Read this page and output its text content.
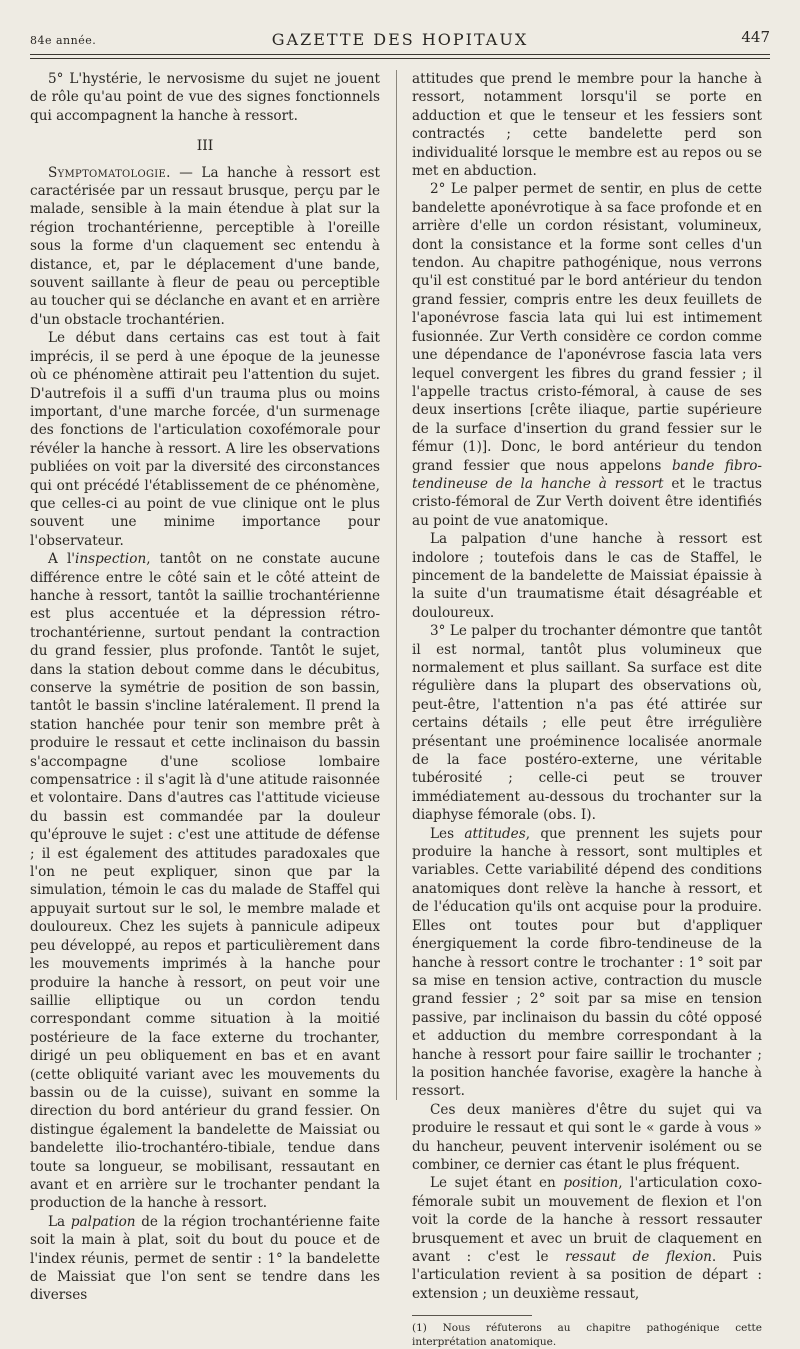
84e année.	GAZETTE DES HOPITAUX	447

5° L'hystérie, le nervosisme du sujet ne jouent de rôle qu'au point de vue des signes fonctionnels qui accompagnent la hanche à ressort.

III

Symptomatologie. — La hanche à ressort est caractérisée par un ressaut brusque, perçu par le malade, sensible à la main étendue à plat sur la région trochantérienne, perceptible à l'oreille sous la forme d'un claquement sec entendu à distance, et, par le déplacement d'une bande, souvent saillante à fleur de peau ou perceptible au toucher qui se déclanche en avant et en arrière d'un obstacle trochantérien.

Le début dans certains cas est tout à fait imprécis, il se perd à une époque de la jeunesse où ce phénomène attirait peu l'attention du sujet. D'autrefois il a suffi d'un trauma plus ou moins important, d'une marche forcée, d'un surmenage des fonctions de l'articulation coxofémorale pour révéler la hanche à ressort. A lire les observations publiées on voit par la diversité des circonstances qui ont précédé l'établissement de ce phénomène, que celles-ci au point de vue clinique ont le plus souvent une minime importance pour l'observateur.

A l'inspection, tantôt on ne constate aucune différence entre le côté sain et le côté atteint de hanche à ressort, tantôt la saillie trochantérienne est plus accentuée et la dépression rétro-trochantérienne, surtout pendant la contraction du grand fessier, plus profonde. Tantôt le sujet, dans la station debout comme dans le décubitus, conserve la symétrie de position de son bassin, tantôt le bassin s'incline latéralement. Il prend la station hanchée pour tenir son membre prêt à produire le ressaut et cette inclinaison du bassin s'accompagne d'une scoliose lombaire compensatrice : il s'agit là d'une atitude raisonnée et volontaire. Dans d'autres cas l'attitude vicieuse du bassin est commandée par la douleur qu'éprouve le sujet : c'est une attitude de défense ; il est également des attitudes paradoxales que l'on ne peut expliquer, sinon que par la simulation, témoin le cas du malade de Staffel qui appuyait surtout sur le sol, le membre malade et douloureux. Chez les sujets à pannicule adipeux peu développé, au repos et particulièrement dans les mouvements imprimés à la hanche pour produire la hanche à ressort, on peut voir une saillie elliptique ou un cordon tendu correspondant comme situation à la moitié postérieure de la face externe du trochanter, dirigé un peu obliquement en bas et en avant (cette obliquité variant avec les mouvements du bassin ou de la cuisse), suivant en somme la direction du bord antérieur du grand fessier. On distingue également la bandelette de Maissiat ou bandelette ilio-trochantéro-tibiale, tendue dans toute sa longueur, se mobilisant, ressautant en avant et en arrière sur le trochanter pendant la production de la hanche à ressort.

La palpation de la région trochantérienne faite soit la main à plat, soit du bout du pouce et de l'index réunis, permet de sentir : 1° la bandelette de Maissiat que l'on sent se tendre dans les diverses

attitudes que prend le membre pour la hanche à ressort, notamment lorsqu'il se porte en adduction et que le tenseur et les fessiers sont contractés ; cette bandelette perd son individualité lorsque le membre est au repos ou se met en abduction.

2° Le palper permet de sentir, en plus de cette bandelette aponévrotique à sa face profonde et en arrière d'elle un cordon résistant, volumineux, dont la consistance et la forme sont celles d'un tendon. Au chapitre pathogénique, nous verrons qu'il est constitué par le bord antérieur du tendon grand fessier, compris entre les deux feuillets de l'aponévrose fascia lata qui lui est intimement fusionnée. Zur Verth considère ce cordon comme une dépendance de l'aponévrose fascia lata vers lequel convergent les fibres du grand fessier ; il l'appelle tractus cristo-fémoral, à cause de ses deux insertions [crête iliaque, partie supérieure de la surface d'insertion du grand fessier sur le fémur (1)]. Donc, le bord antérieur du tendon grand fessier que nous appelons bande fibro-tendineuse de la hanche à ressort et le tractus cristo-fémoral de Zur Verth doivent être identifiés au point de vue anatomique.

La palpation d'une hanche à ressort est indolore ; toutefois dans le cas de Staffel, le pincement de la bandelette de Maissiat épaissie à la suite d'un traumatisme était désagréable et douloureux.

3° Le palper du trochanter démontre que tantôt il est normal, tantôt plus volumineux que normalement et plus saillant. Sa surface est dite régulière dans la plupart des observations où, peut-être, l'attention n'a pas été attirée sur certains détails ; elle peut être irrégulière présentant une proéminence localisée anormale de la face postéro-externe, une véritable tubérosité ; celle-ci peut se trouver immédiatement au-dessous du trochanter sur la diaphyse fémorale (obs. I).

Les attitudes, que prennent les sujets pour produire la hanche à ressort, sont multiples et variables. Cette variabilité dépend des conditions anatomiques dont relève la hanche à ressort, et de l'éducation qu'ils ont acquise pour la produire. Elles ont toutes pour but d'appliquer énergiquement la corde fibro-tendineuse de la hanche à ressort contre le trochanter : 1° soit par sa mise en tension active, contraction du muscle grand fessier ; 2° soit par sa mise en tension passive, par inclinaison du bassin du côté opposé et adduction du membre correspondant à la hanche à ressort pour faire saillir le trochanter ; la position hanchée favorise, exagère la hanche à ressort.

Ces deux manières d'être du sujet qui va produire le ressaut et qui sont le « garde à vous » du hancheur, peuvent intervenir isolément ou se combiner, ce dernier cas étant le plus fréquent.

Le sujet étant en position, l'articulation coxo-fémorale subit un mouvement de flexion et l'on voit la corde de la hanche à ressort ressauter brusquement et avec un bruit de claquement en avant : c'est le ressaut de flexion. Puis l'articulation revient à sa position de départ : extension ; un deuxième ressaut,

(1) Nous réfuterons au chapitre pathogénique cette interprétation anatomique.
